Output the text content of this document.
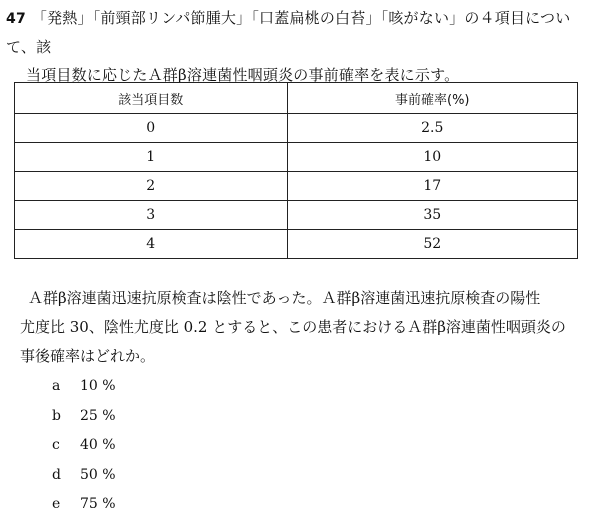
47 「発熱」「前頸部リンパ節腫大」「口蓋扁桃の白苔」「咳がない」の４項目について、該
当項目数に応じたＡ群β溶連菌性咽頭炎の事前確率を表に示す。
該当項目数	事前確率(%)
0	2.5
1	10
2	17
3	35
4	52
Ａ群β溶連菌迅速抗原検査は陰性であった。Ａ群β溶連菌迅速抗原検査の陽性
尤度比 30、陰性尤度比 0.2 とすると、この患者におけるＡ群β溶連菌性咽頭炎の
事後確率はどれか。
a 10 %
b 25 %
c 40 %
d 50 %
e 75 %
